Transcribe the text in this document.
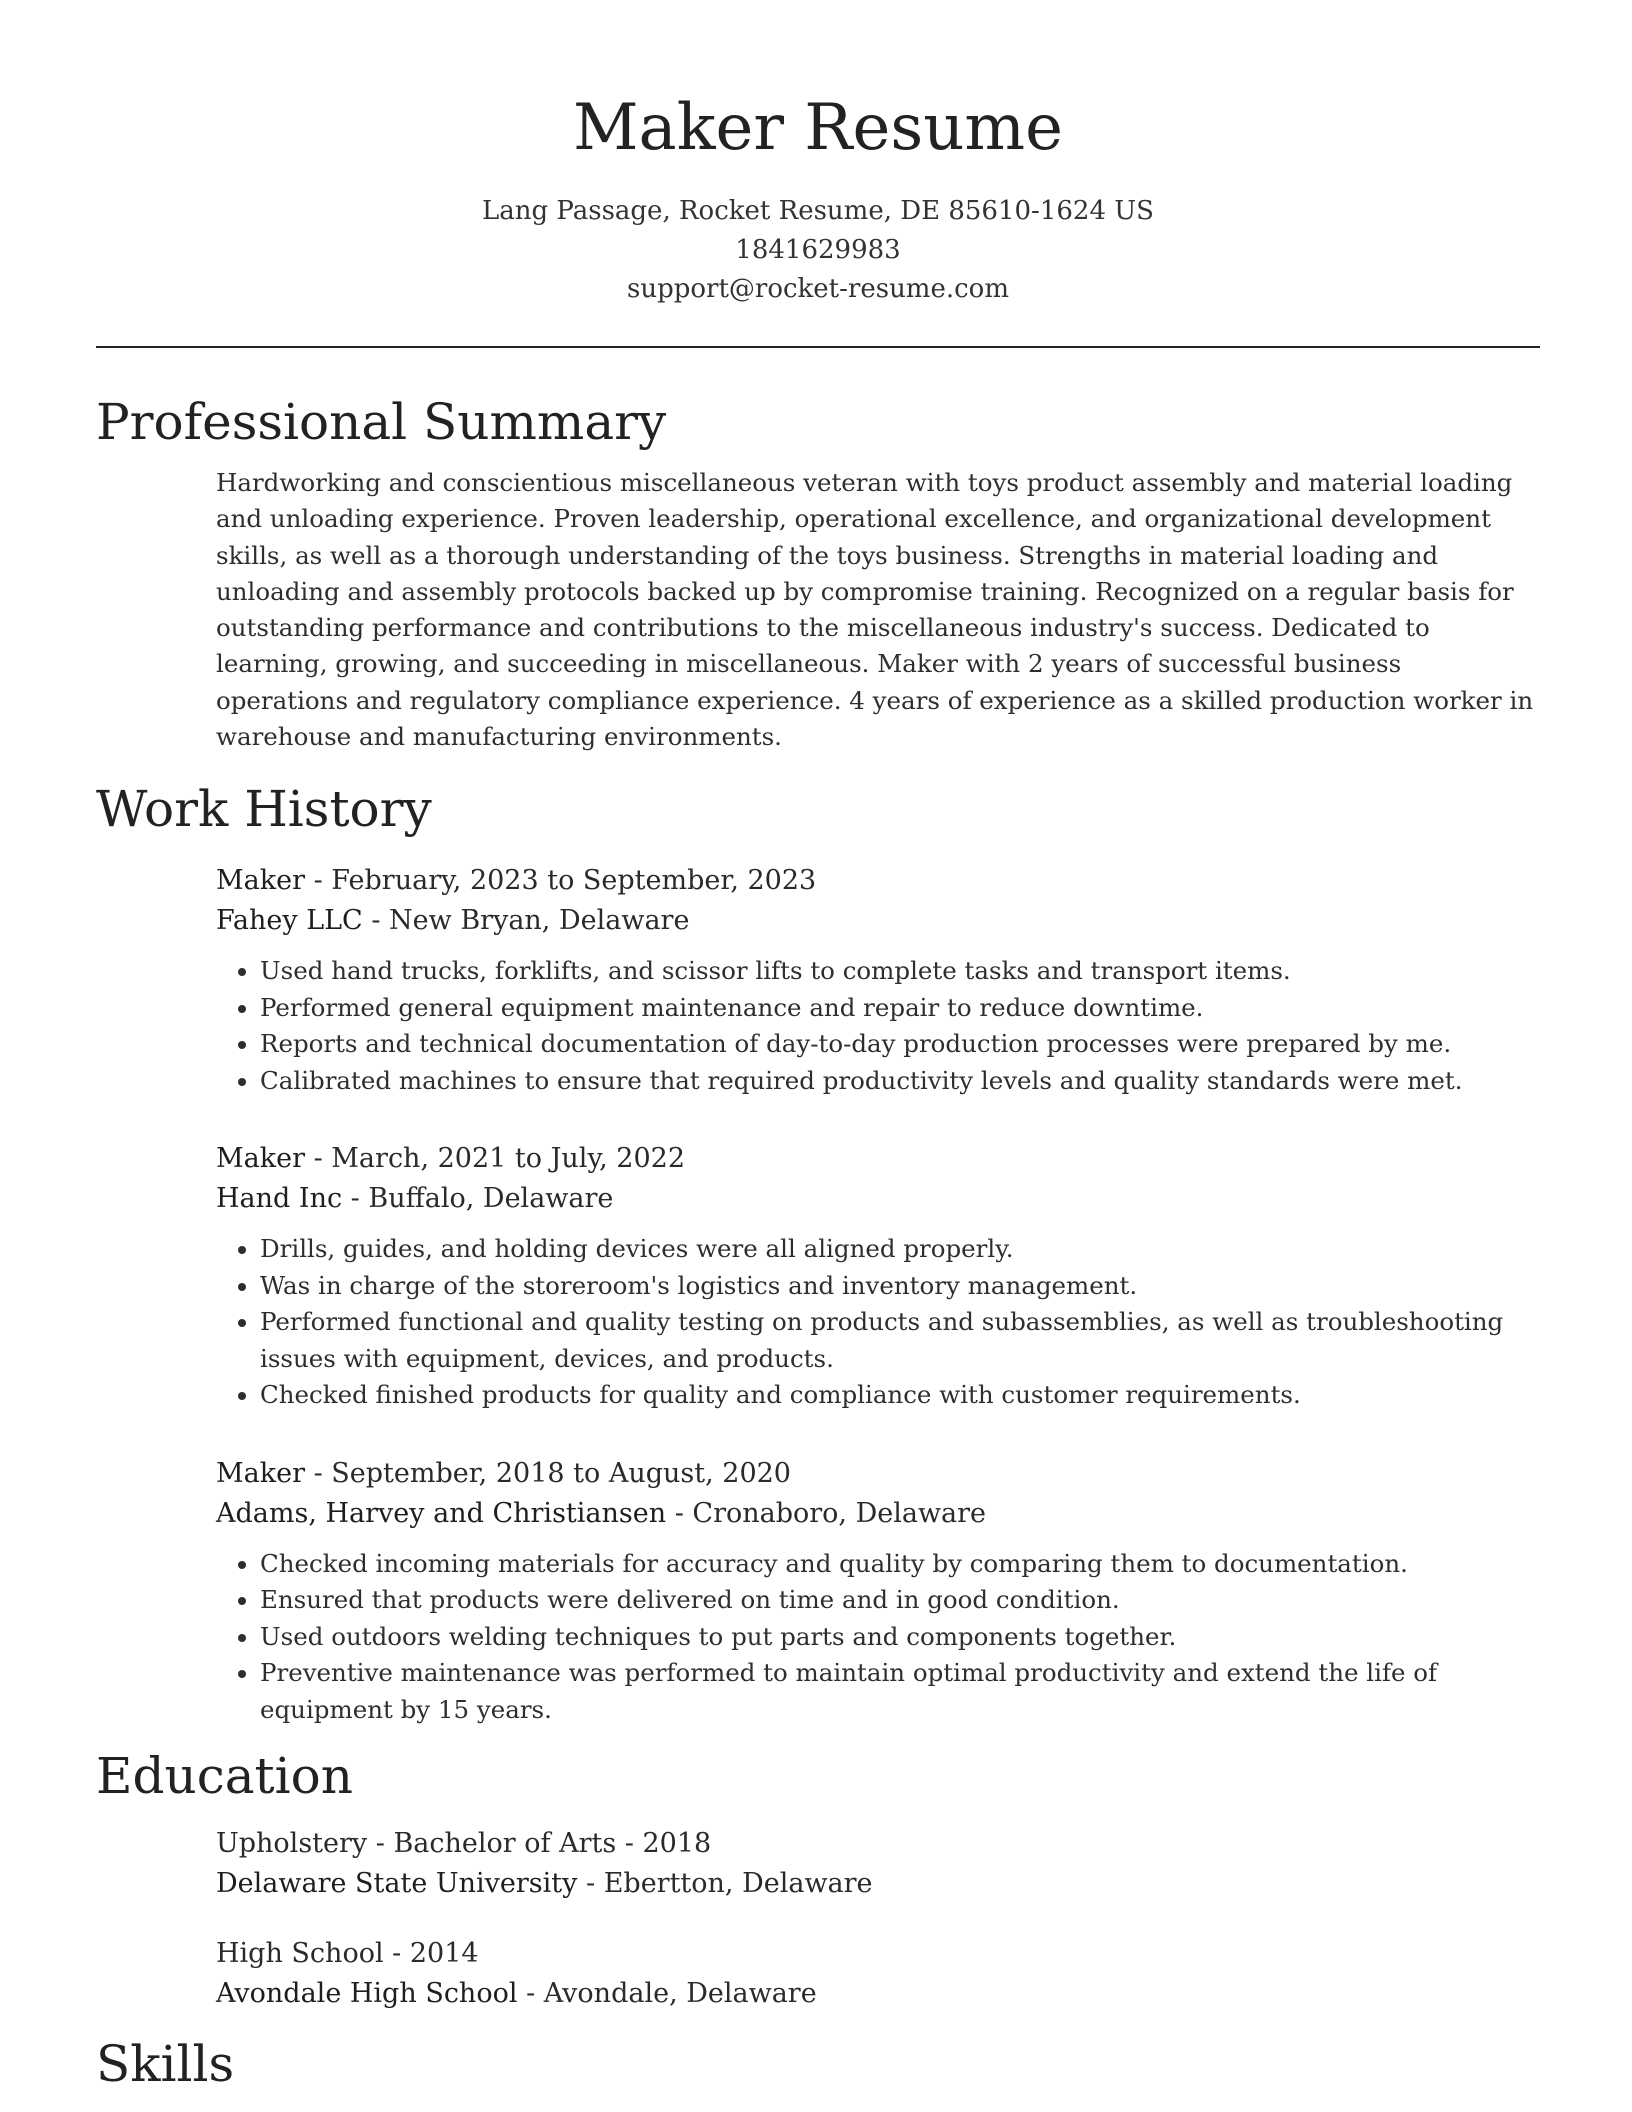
Maker Resume
Lang Passage, Rocket Resume, DE 85610-1624 US
1841629983
support@rocket-resume.com
Professional Summary

Hardworking and conscientious miscellaneous veteran with toys product assembly and material loading and unloading experience. Proven leadership, operational excellence, and organizational development skills, as well as a thorough understanding of the toys business. Strengths in material loading and unloading and assembly protocols backed up by compromise training. Recognized on a regular basis for outstanding performance and contributions to the miscellaneous industry's success. Dedicated to learning, growing, and succeeding in miscellaneous. Maker with 2 years of successful business operations and regulatory compliance experience. 4 years of experience as a skilled production worker in warehouse and manufacturing environments.

Work History
Maker - February, 2023 to September, 2023
Fahey LLC - New Bryan, Delaware
• Used hand trucks, forklifts, and scissor lifts to complete tasks and transport items.
• Performed general equipment maintenance and repair to reduce downtime.
• Reports and technical documentation of day-to-day production processes were prepared by me.
• Calibrated machines to ensure that required productivity levels and quality standards were met.
Maker - March, 2021 to July, 2022
Hand Inc - Buffalo, Delaware
• Drills, guides, and holding devices were all aligned properly.
• Was in charge of the storeroom's logistics and inventory management.
• Performed functional and quality testing on products and subassemblies, as well as troubleshooting issues with equipment, devices, and products.
• Checked finished products for quality and compliance with customer requirements.
Maker - September, 2018 to August, 2020
Adams, Harvey and Christiansen - Cronaboro, Delaware
• Checked incoming materials for accuracy and quality by comparing them to documentation.
• Ensured that products were delivered on time and in good condition.
• Used outdoors welding techniques to put parts and components together.
• Preventive maintenance was performed to maintain optimal productivity and extend the life of equipment by 15 years.
Education
Upholstery - Bachelor of Arts - 2018
Delaware State University - Ebertton, Delaware
High School - 2014
Avondale High School - Avondale, Delaware
Skills
